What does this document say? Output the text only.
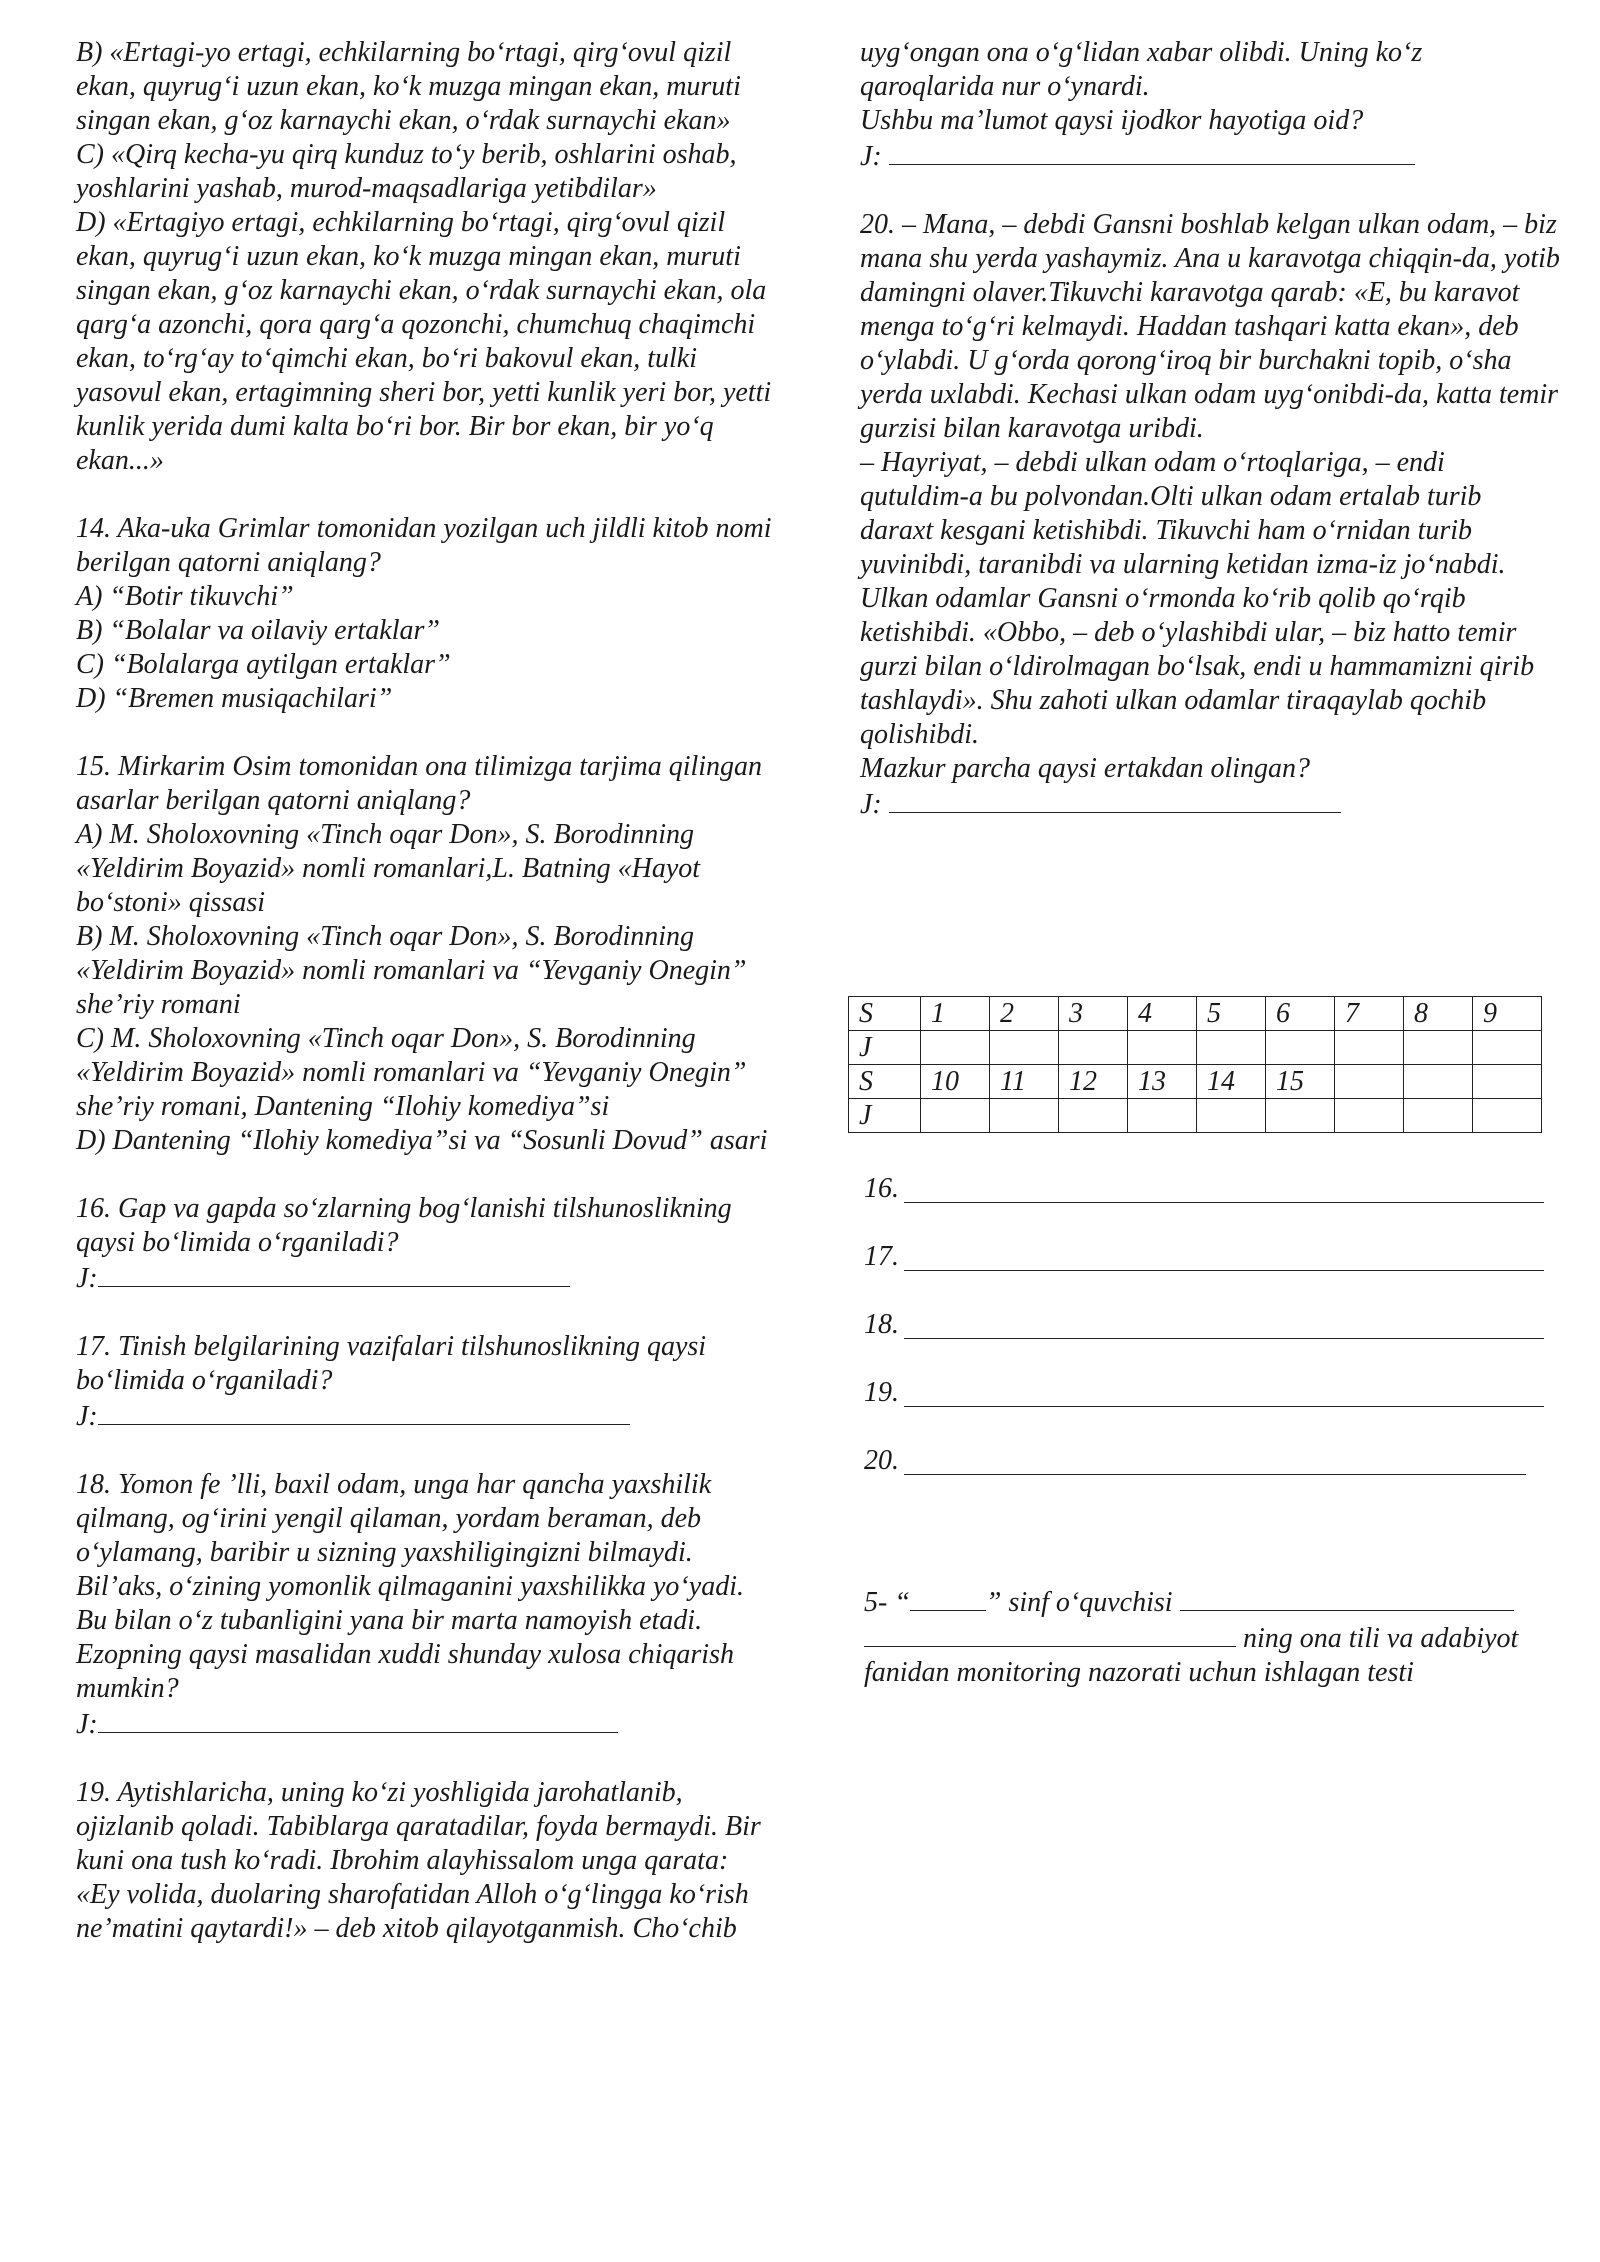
B) «Ertagi-yo ertagi, echkilarning bo‘rtagi, qirg‘ovul qizil ekan, quyrug‘i uzun ekan, ko‘k muzga mingan ekan, muruti singan ekan, g‘oz karnaychi ekan, o‘rdak surnaychi ekan»

C) «Qirq kecha-yu qirq kunduz to‘y berib, oshlarini oshab, yoshlarini yashab, murod-maqsadlariga yetibdilar»

D) «Ertagiyo ertagi, echkilarning bo‘rtagi, qirg‘ovul qizil ekan, quyrug‘i uzun ekan, ko‘k muzga mingan ekan, muruti singan ekan, g‘oz karnaychi ekan, o‘rdak surnaychi ekan, ola qarg‘a azonchi, qora qarg‘a qozonchi, chumchuq chaqimchi ekan, to‘rg‘ay to‘qimchi ekan, bo‘ri bakovul ekan, tulki yasovul ekan, ertagimning sheri bor, yetti kunlik yeri bor, yetti kunlik yerida dumi kalta bo‘ri bor. Bir bor ekan, bir yo‘q ekan...»

14. Aka-uka Grimlar tomonidan yozilgan uch jildli kitob nomi berilgan qatorni aniqlang?

A) “Botir tikuvchi”

B) “Bolalar va oilaviy ertaklar”

C) “Bolalarga aytilgan ertaklar”

D) “Bremen musiqachilari”

15. Mirkarim Osim tomonidan ona tilimizga tarjima qilingan asarlar berilgan qatorni aniqlang?

A) M. Sholoxovning «Tinch oqar Don», S. Borodinning «Yeldirim Boyazid» nomli romanlari,L. Batning «Hayot bo‘stoni» qissasi

B) M. Sholoxovning «Tinch oqar Don», S. Borodinning «Yeldirim Boyazid» nomli romanlari va “Yevganiy Onegin” she’riy romani

C) M. Sholoxovning «Tinch oqar Don», S. Borodinning «Yeldirim Boyazid» nomli romanlari va “Yevganiy Onegin” she’riy romani, Dantening “Ilohiy komediya”si

D) Dantening “Ilohiy komediya”si va “Sosunli Dovud” asari

16. Gap va gapda so‘zlarning bog‘lanishi tilshunoslikning qaysi bo‘limida o‘rganiladi?

J:

17. Tinish belgilarining vazifalari tilshunoslikning qaysi bo‘limida o‘rganiladi?

J:

18. Yomon fe ’lli, baxil odam, unga har qancha yaxshilik qilmang, og‘irini yengil qilaman, yordam beraman, deb o‘ylamang, baribir u sizning yaxshiligingizni bilmaydi. Bil’aks, o‘zining yomonlik qilmaganini yaxshilikka yo‘yadi. Bu bilan o‘z tubanligini yana bir marta namoyish etadi. Ezopning qaysi masalidan xuddi shunday xulosa chiqarish mumkin?

J:

19. Aytishlaricha, uning ko‘zi yoshligida jarohatlanib, ojizlanib qoladi. Tabiblarga qaratadilar, foyda bermaydi. Bir kuni ona tush ko‘radi. Ibrohim alayhissalom unga qarata: «Ey volida, duolaring sharofatidan Alloh o‘g‘lingga ko‘rish ne’matini qaytardi!» – deb xitob qilayotganmish. Cho‘chib

uyg‘ongan ona o‘g‘lidan xabar olibdi. Uning ko‘z qaroqlarida nur o‘ynardi.

Ushbu ma’lumot qaysi ijodkor hayotiga oid?

J:

20. – Mana, – debdi Gansni boshlab kelgan ulkan odam, – biz mana shu yerda yashaymiz. Ana u karavotga chiqqin-da, yotib damingni olaver.Tikuvchi karavotga qarab: «E, bu karavot menga to‘g‘ri kelmaydi. Haddan tashqari katta ekan», deb o‘ylabdi. U g‘orda qorong‘iroq bir burchakni topib, o‘sha yerda uxlabdi. Kechasi ulkan odam uyg‘onibdi-da, katta temir gurzisi bilan karavotga uribdi.

– Hayriyat, – debdi ulkan odam o‘rtoqlariga, – endi qutuldim-a bu polvondan.Olti ulkan odam ertalab turib daraxt kesgani ketishibdi. Tikuvchi ham o‘rnidan turib yuvinibdi, taranibdi va ularning ketidan izma-iz jo‘nabdi. Ulkan odamlar Gansni o‘rmonda ko‘rib qolib qo‘rqib ketishibdi. «Obbo, – deb o‘ylashibdi ular, – biz hatto temir gurzi bilan o‘ldirolmagan bo‘lsak, endi u hammamizni qirib tashlaydi». Shu zahoti ulkan odamlar tiraqaylab qochib qolishibdi.

Mazkur parcha qaysi ertakdan olingan?

J:

S	1	2	3	4	5	6	7	8	9
J									
S	10	11	12	13	14	15			
J									
16.
17.
18.
19.
20.

5- “	” sinf o‘quvchisi

ning ona tili va adabiyot

fanidan monitoring nazorati uchun ishlagan testi
